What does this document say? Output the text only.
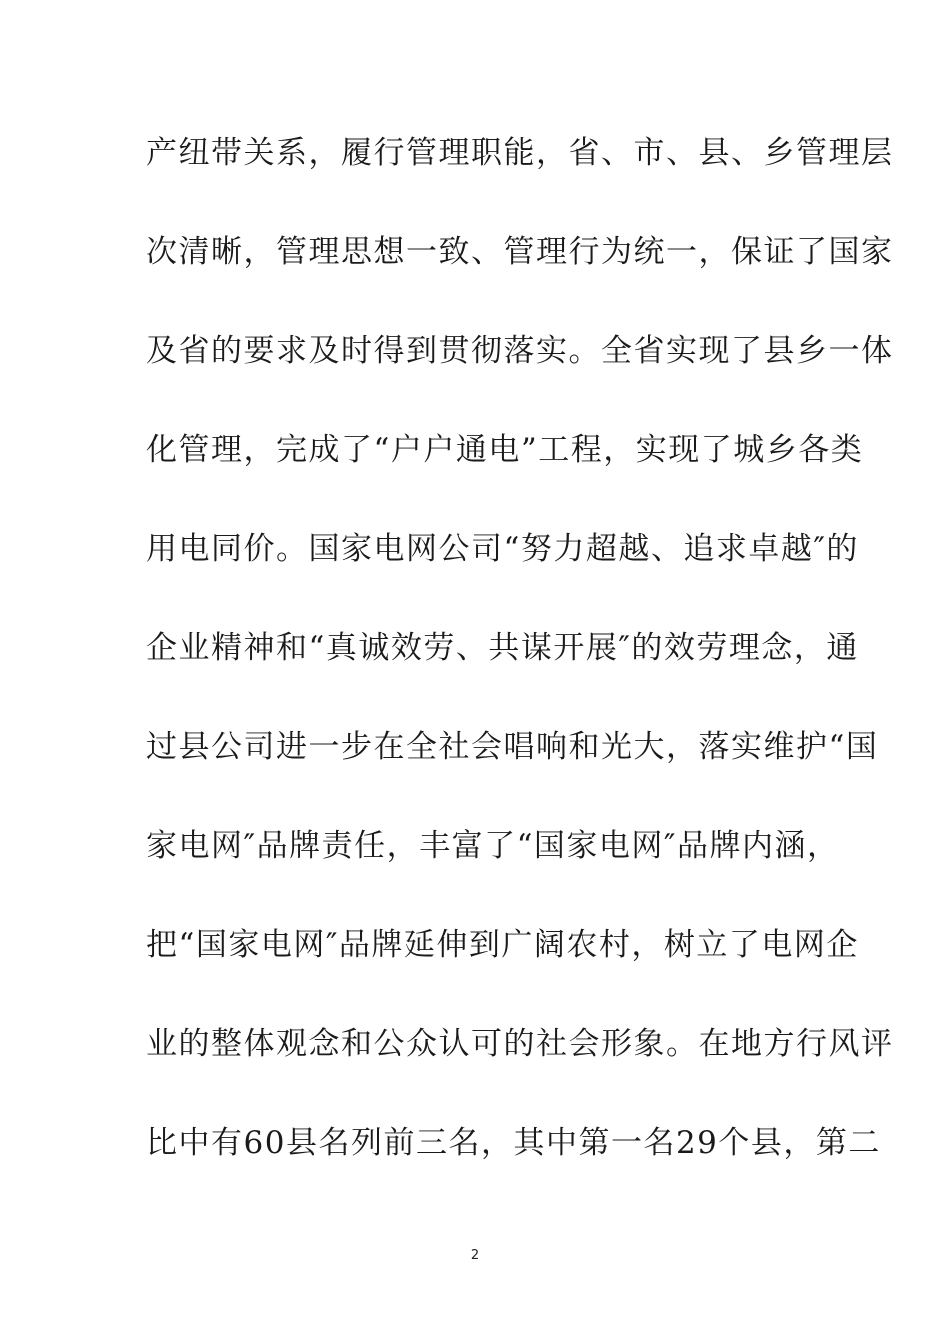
产纽带关系，履行管理职能，省、市、县、乡管理层
次清晰，管理思想一致、管理行为统一，保证了国家
及省的要求及时得到贯彻落实。全省实现了县乡一体
化管理，完成了“户户通电”工程，实现了城乡各类
用电同价。国家电网公司“努力超越、追求卓越″的
企业精神和“真诚效劳、共谋开展″的效劳理念，通
过县公司进一步在全社会唱响和光大，落实维护“国
家电网″品牌责任，丰富了“国家电网″品牌内涵，
把“国家电网″品牌延伸到广阔农村，树立了电网企
业的整体观念和公众认可的社会形象。在地方行风评
比中有60县名列前三名，其中第一名29个县，第二
2
